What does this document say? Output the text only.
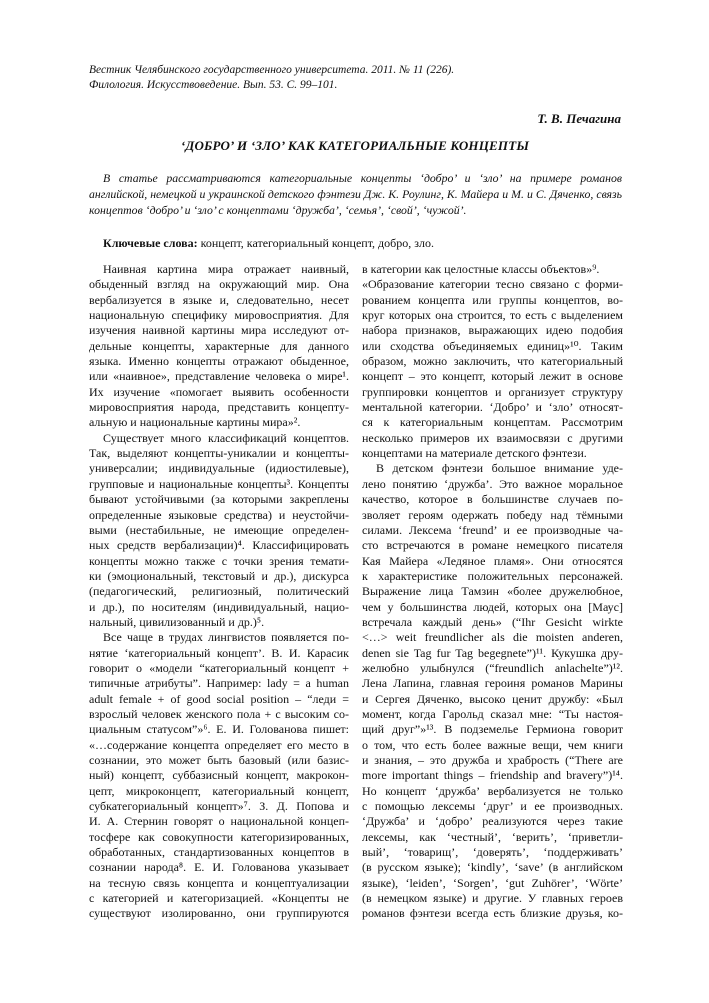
Вестник Челябинского государственного университета. 2011. № 11 (226).
Филология. Искусствоведение. Вып. 53. С. 99–101.
Т. В. Печагина
‘ДОБРО’ И ‘ЗЛО’ КАК КАТЕГОРИАЛЬНЫЕ КОНЦЕПТЫ
В статье рассматриваются категориальные концепты ‘добро’ и ‘зло’ на примере романов английской, немецкой и украинской детского фэнтези Дж. К. Роулинг, К. Майера и М. и С. Дяченко, связь концептов ‘добро’ и ‘зло’ с концептами ‘дружба’, ‘семья’, ‘свой’, ‘чужой’.
Ключевые слова: концепт, категориальный концепт, добро, зло.
Наивная картина мира отражает наивный,
обыденный взгляд на окружающий мир. Она
вербализуется в языке и, следовательно, несет
национальную специфику мировосприятия. Для
изучения наивной картины мира исследуют от-
дельные концепты, характерные для данного
языка. Именно концепты отражают обыденное,
или «наивное», представление человека о мире¹.
Их изучение «помогает выявить особенности
мировосприятия народа, представить концепту-
альную и национальные картины мира»².
Существует много классификаций концептов.
Так, выделяют концепты-уникалии и концепты-
универсалии; индивидуальные (идиостилевые),
групповые и национальные концепты³. Концепты
бывают устойчивыми (за которыми закреплены
определенные языковые средства) и неустойчи-
выми (нестабильные, не имеющие определен-
ных средств вербализации)⁴. Классифицировать
концепты можно также с точки зрения темати-
ки (эмоциональный, текстовый и др.), дискурса
(педагогический, религиозный, политический
и др.), по носителям (индивидуальный, нацио-
нальный, цивилизованный и др.)⁵.
Все чаще в трудах лингвистов появляется по-
нятие ‘категориальный концепт’. В. И. Карасик
говорит о «модели “категориальный концепт +
типичные атрибуты”. Например: lady = a human
adult female + of good social position – “леди =
взрослый человек женского пола + с высоким со-
циальным статусом”»⁶. Е. И. Голованова пишет:
«…содержание концепта определяет его место в
сознании, это может быть базовый (или базис-
ный) концепт, суббазисный концепт, макрокон-
цепт, микроконцепт, категориальный концепт,
субкатегориальный концепт»⁷. З. Д. Попова и
И. А. Стернин говорят о национальной концеп-
тосфере как совокупности категоризированных,
обработанных, стандартизованных концептов в
сознании народа⁸. Е. И. Голованова указывает
на тесную связь концепта и концептуализации
с категорией и категоризацией. «Концепты не
существуют изолированно, они группируются
в категории как целостные классы объектов»⁹.
«Образование категории тесно связано с форми-
рованием концепта или группы концептов, во-
круг которых она строится, то есть с выделением
набора признаков, выражающих идею подобия
или сходства объединяемых единиц»¹⁰. Таким
образом, можно заключить, что категориальный
концепт – это концепт, который лежит в основе
группировки концептов и организует структуру
ментальной категории. ‘Добро’ и ‘зло’ относят-
ся к категориальным концептам. Рассмотрим
несколько примеров их взаимосвязи с другими
концептами на материале детского фэнтези.
В детском фэнтези большое внимание уде-
лено понятию ‘дружба’. Это важное моральное
качество, которое в большинстве случаев по-
зволяет героям одержать победу над тёмными
силами. Лексема ‘freund’ и ее производные ча-
сто встречаются в романе немецкого писателя
Кая Майера «Ледяное пламя». Они относятся
к характеристике положительных персонажей.
Выражение лица Тамзин «более дружелюбное,
чем у большинства людей, которых она [Маус]
встречала каждый день» (“Ihr Gesicht wirkte
<…> weit freundlicher als die moisten anderen,
denen sie Tag fur Tag begegnete”)¹¹. Кукушка дру-
желюбно улыбнулся (“freundlich anlachelte”)¹².
Лена Лапина, главная героиня романов Марины
и Сергея Дяченко, высоко ценит дружбу: «Был
момент, когда Гарольд сказал мне: “Ты настоя-
щий друг”»¹³. В подземелье Гермиона говорит
о том, что есть более важные вещи, чем книги
и знания, – это дружба и храбрость (“There are
more important things – friendship and bravery”)¹⁴.
Но концепт ‘дружба’ вербализуется не только
с помощью лексемы ‘друг’ и ее производных.
‘Дружба’ и ‘добро’ реализуются через такие
лексемы, как ‘честный’, ‘верить’, ‘приветли-
вый’, ‘товарищ’, ‘доверять’, ‘поддерживать’
(в русском языке); ‘kindly’, ‘save’ (в английском
языке), ‘leiden’, ‘Sorgen’, ‘gut Zuhörer’, ‘Wörte’
(в немецком языке) и другие. У главных героев
романов фэнтези всегда есть близкие друзья, ко-
